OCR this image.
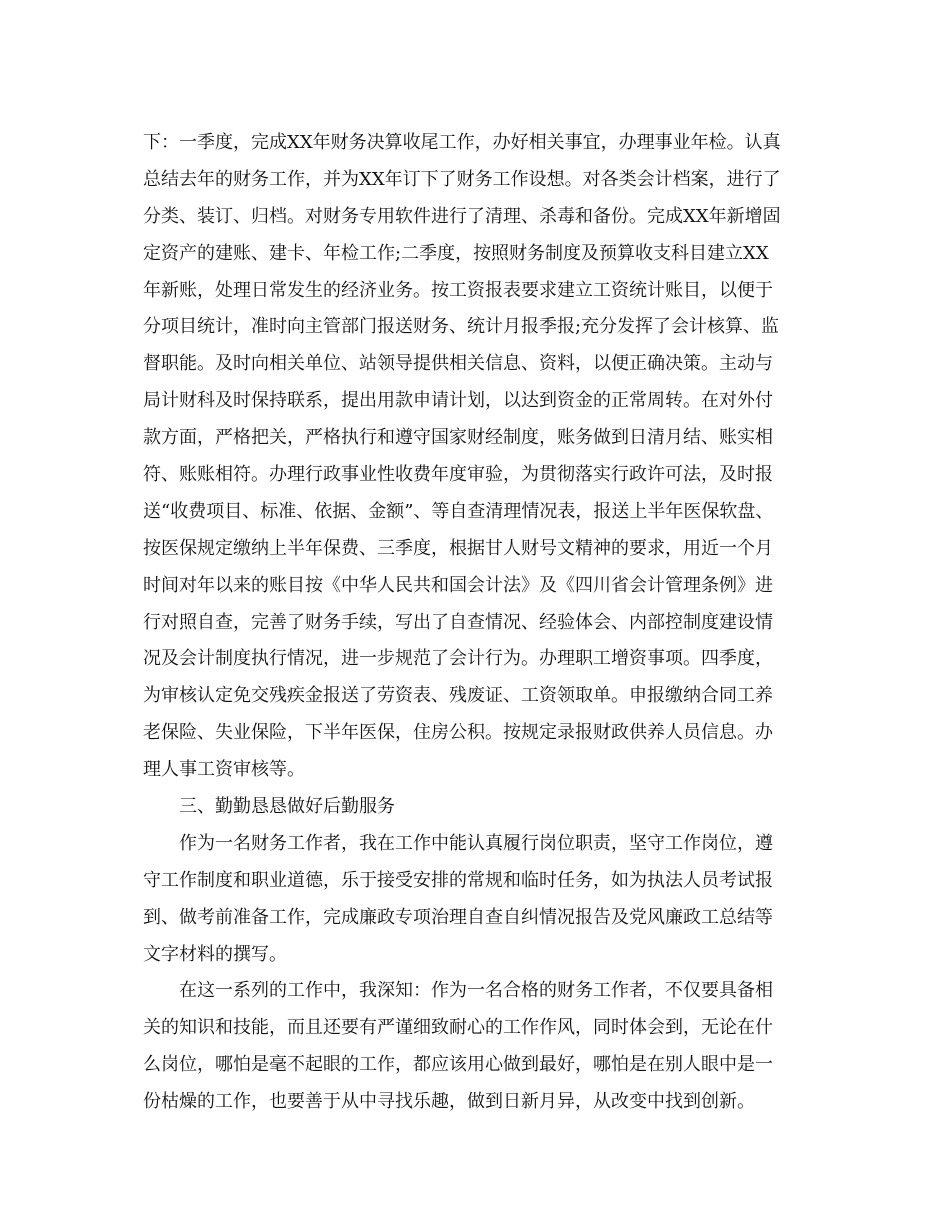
下：一季度，完成XX年财务决算收尾工作，办好相关事宜，办理事业年检。认真
总结去年的财务工作，并为XX年订下了财务工作设想。对各类会计档案，进行了
分类、装订、归档。对财务专用软件进行了清理、杀毒和备份。完成XX年新增固
定资产的建账、建卡、年检工作;二季度，按照财务制度及预算收支科目建立XX
年新账，处理日常发生的经济业务。按工资报表要求建立工资统计账目，以便于
分项目统计，准时向主管部门报送财务、统计月报季报;充分发挥了会计核算、监
督职能。及时向相关单位、站领导提供相关信息、资料，以便正确决策。主动与
局计财科及时保持联系，提出用款申请计划，以达到资金的正常周转。在对外付
款方面，严格把关，严格执行和遵守国家财经制度，账务做到日清月结、账实相
符、账账相符。办理行政事业性收费年度审验，为贯彻落实行政许可法，及时报
送“收费项目、标准、依据、金额”、等自查清理情况表，报送上半年医保软盘、
按医保规定缴纳上半年保费、三季度，根据甘人财号文精神的要求，用近一个月
时间对年以来的账目按《中华人民共和国会计法》及《四川省会计管理条例》进
行对照自查，完善了财务手续，写出了自查情况、经验体会、内部控制度建设情
况及会计制度执行情况，进一步规范了会计行为。办理职工增资事项。四季度，
为审核认定免交残疾金报送了劳资表、残废证、工资领取单。申报缴纳合同工养
老保险、失业保险，下半年医保，住房公积。按规定录报财政供养人员信息。办
理人事工资审核等。
三、勤勤恳恳做好后勤服务
作为一名财务工作者，我在工作中能认真履行岗位职责，坚守工作岗位，遵
守工作制度和职业道德，乐于接受安排的常规和临时任务，如为执法人员考试报
到、做考前准备工作，完成廉政专项治理自查自纠情况报告及党风廉政工总结等
文字材料的撰写。
在这一系列的工作中，我深知：作为一名合格的财务工作者，不仅要具备相
关的知识和技能，而且还要有严谨细致耐心的工作作风，同时体会到，无论在什
么岗位，哪怕是毫不起眼的工作，都应该用心做到最好，哪怕是在别人眼中是一
份枯燥的工作，也要善于从中寻找乐趣，做到日新月异，从改变中找到创新。
